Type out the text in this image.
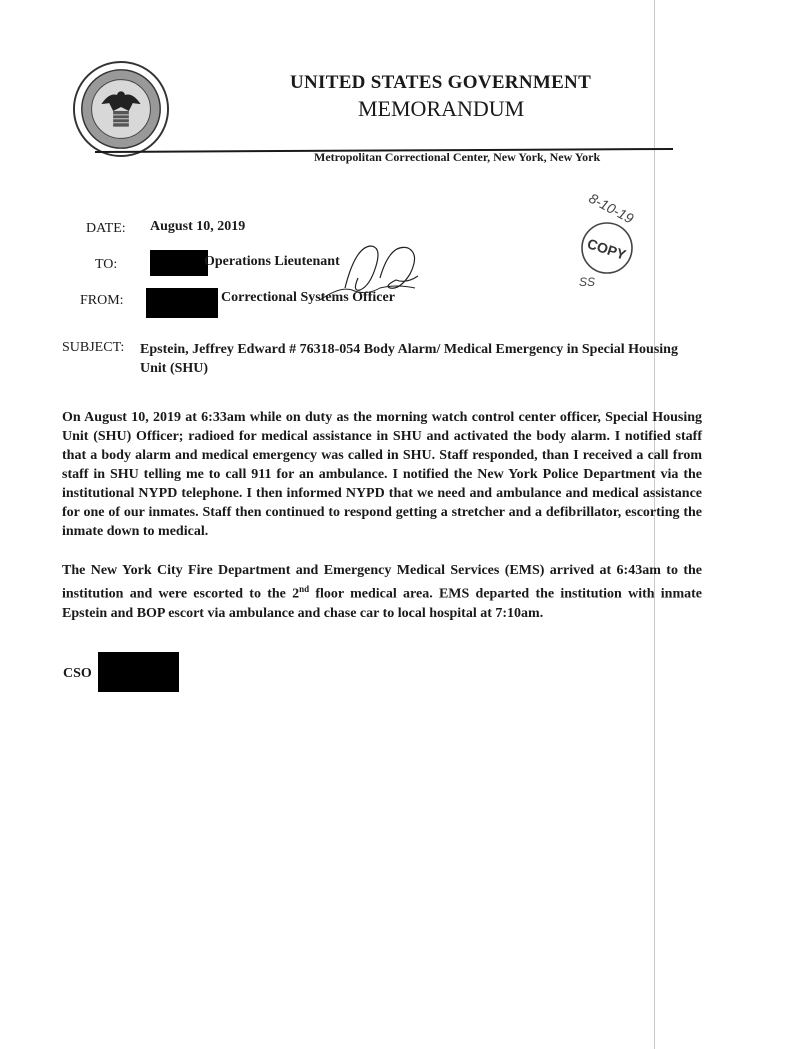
UNITED STATES GOVERNMENT
MEMORANDUM
Metropolitan Correctional Center, New York, New York
DATE: August 10, 2019
TO:	Operations Lieutenant
FROM:	Correctional Systems Officer
COPY
8-10-19
SS
SUBJECT: Epstein, Jeffrey Edward # 76318-054 Body Alarm/ Medical Emergency in Special Housing Unit (SHU)
On August 10, 2019 at 6:33am while on duty as the morning watch control center officer, Special Housing Unit (SHU) Officer; radioed for medical assistance in SHU and activated the body alarm. I notified staff that a body alarm and medical emergency was called in SHU. Staff responded, than I received a call from staff in SHU telling me to call 911 for an ambulance. I notified the New York Police Department via the institutional NYPD telephone. I then informed NYPD that we need and ambulance and medical assistance for one of our inmates. Staff then continued to respond getting a stretcher and a defibrillator, escorting the inmate down to medical.
The New York City Fire Department and Emergency Medical Services (EMS) arrived at 6:43am to the institution and were escorted to the 2nd floor medical area. EMS departed the institution with inmate Epstein and BOP escort via ambulance and chase car to local hospital at 7:10am.
CSO
